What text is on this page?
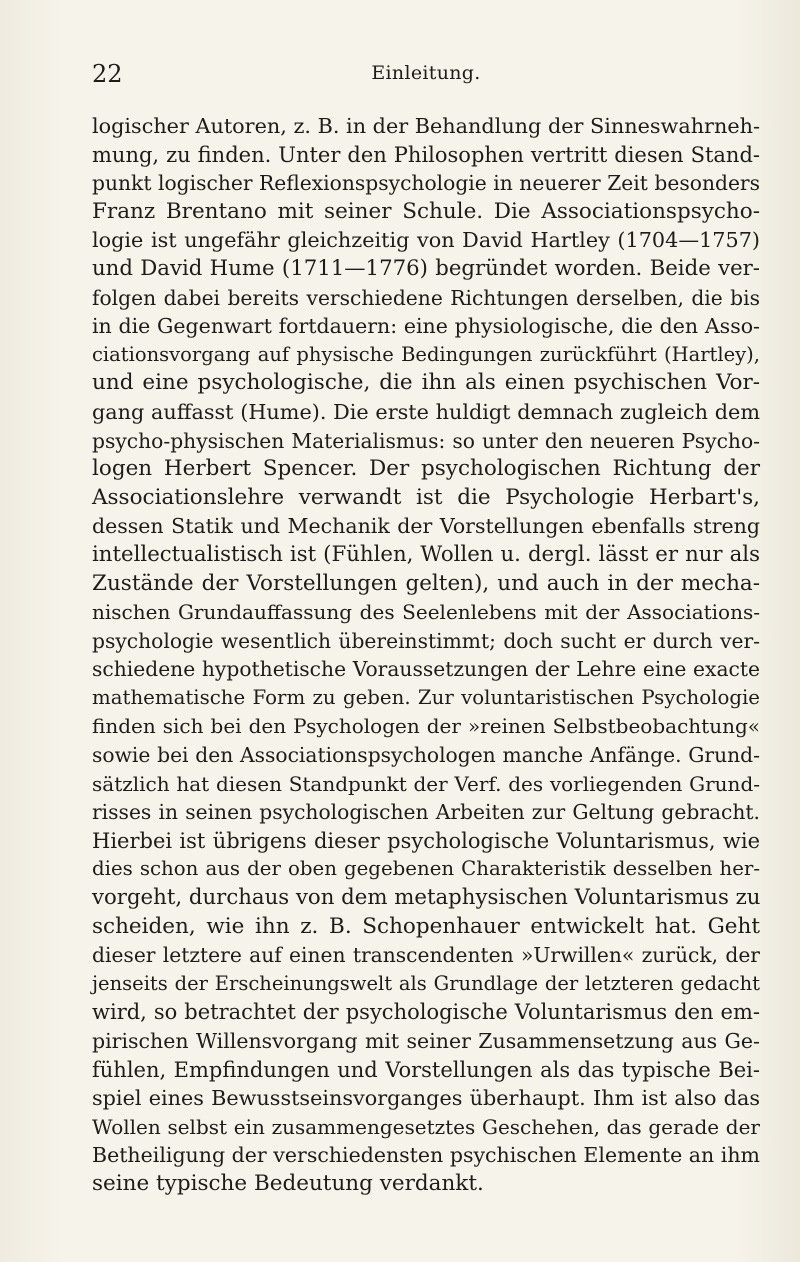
22	Einleitung.
logischer Autoren, z. B. in der Behandlung der Sinneswahrneh-
mung, zu finden. Unter den Philosophen vertritt diesen Stand-
punkt logischer Reflexionspsychologie in neuerer Zeit besonders
Franz Brentano mit seiner Schule. Die Associationspsycho-
logie ist ungefähr gleichzeitig von David Hartley (1704—1757)
und David Hume (1711—1776) begründet worden. Beide ver-
folgen dabei bereits verschiedene Richtungen derselben, die bis
in die Gegenwart fortdauern: eine physiologische, die den Asso-
ciationsvorgang auf physische Bedingungen zurückführt (Hartley),
und eine psychologische, die ihn als einen psychischen Vor-
gang auffasst (Hume). Die erste huldigt demnach zugleich dem
psycho-physischen Materialismus: so unter den neueren Psycho-
logen Herbert Spencer. Der psychologischen Richtung der
Associationslehre verwandt ist die Psychologie Herbart's,
dessen Statik und Mechanik der Vorstellungen ebenfalls streng
intellectualistisch ist (Fühlen, Wollen u. dergl. lässt er nur als
Zustände der Vorstellungen gelten), und auch in der mecha-
nischen Grundauffassung des Seelenlebens mit der Associations-
psychologie wesentlich übereinstimmt; doch sucht er durch ver-
schiedene hypothetische Voraussetzungen der Lehre eine exacte
mathematische Form zu geben. Zur voluntaristischen Psychologie
finden sich bei den Psychologen der »reinen Selbstbeobachtung«
sowie bei den Associationspsychologen manche Anfänge. Grund-
sätzlich hat diesen Standpunkt der Verf. des vorliegenden Grund-
risses in seinen psychologischen Arbeiten zur Geltung gebracht.
Hierbei ist übrigens dieser psychologische Voluntarismus, wie
dies schon aus der oben gegebenen Charakteristik desselben her-
vorgeht, durchaus von dem metaphysischen Voluntarismus zu
scheiden, wie ihn z. B. Schopenhauer entwickelt hat. Geht
dieser letztere auf einen transcendenten »Urwillen« zurück, der
jenseits der Erscheinungswelt als Grundlage der letzteren gedacht
wird, so betrachtet der psychologische Voluntarismus den em-
pirischen Willensvorgang mit seiner Zusammensetzung aus Ge-
fühlen, Empfindungen und Vorstellungen als das typische Bei-
spiel eines Bewusstseinsvorganges überhaupt. Ihm ist also das
Wollen selbst ein zusammengesetztes Geschehen, das gerade der
Betheiligung der verschiedensten psychischen Elemente an ihm
seine typische Bedeutung verdankt.
